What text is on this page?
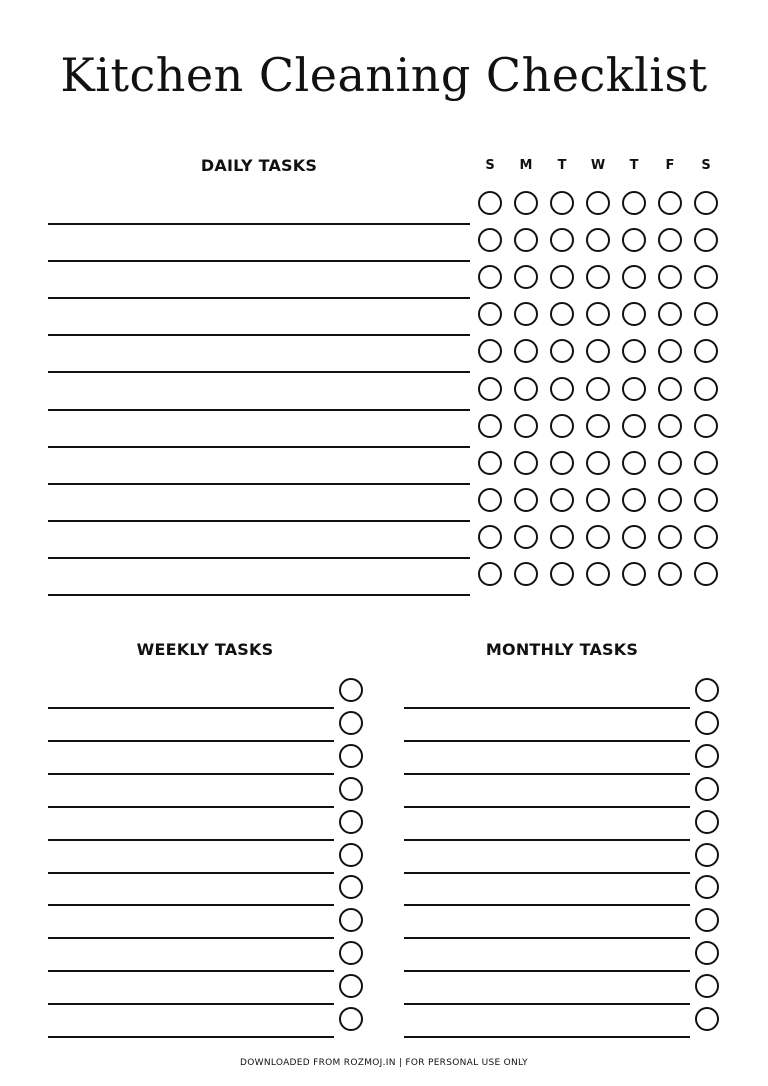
Kitchen Cleaning Checklist
DAILY TASKS	S	M	T	W	T	F	S
WEEKLY TASKS	MONTHLY TASKS
DOWNLOADED FROM ROZMOJ.IN | FOR PERSONAL USE ONLY
